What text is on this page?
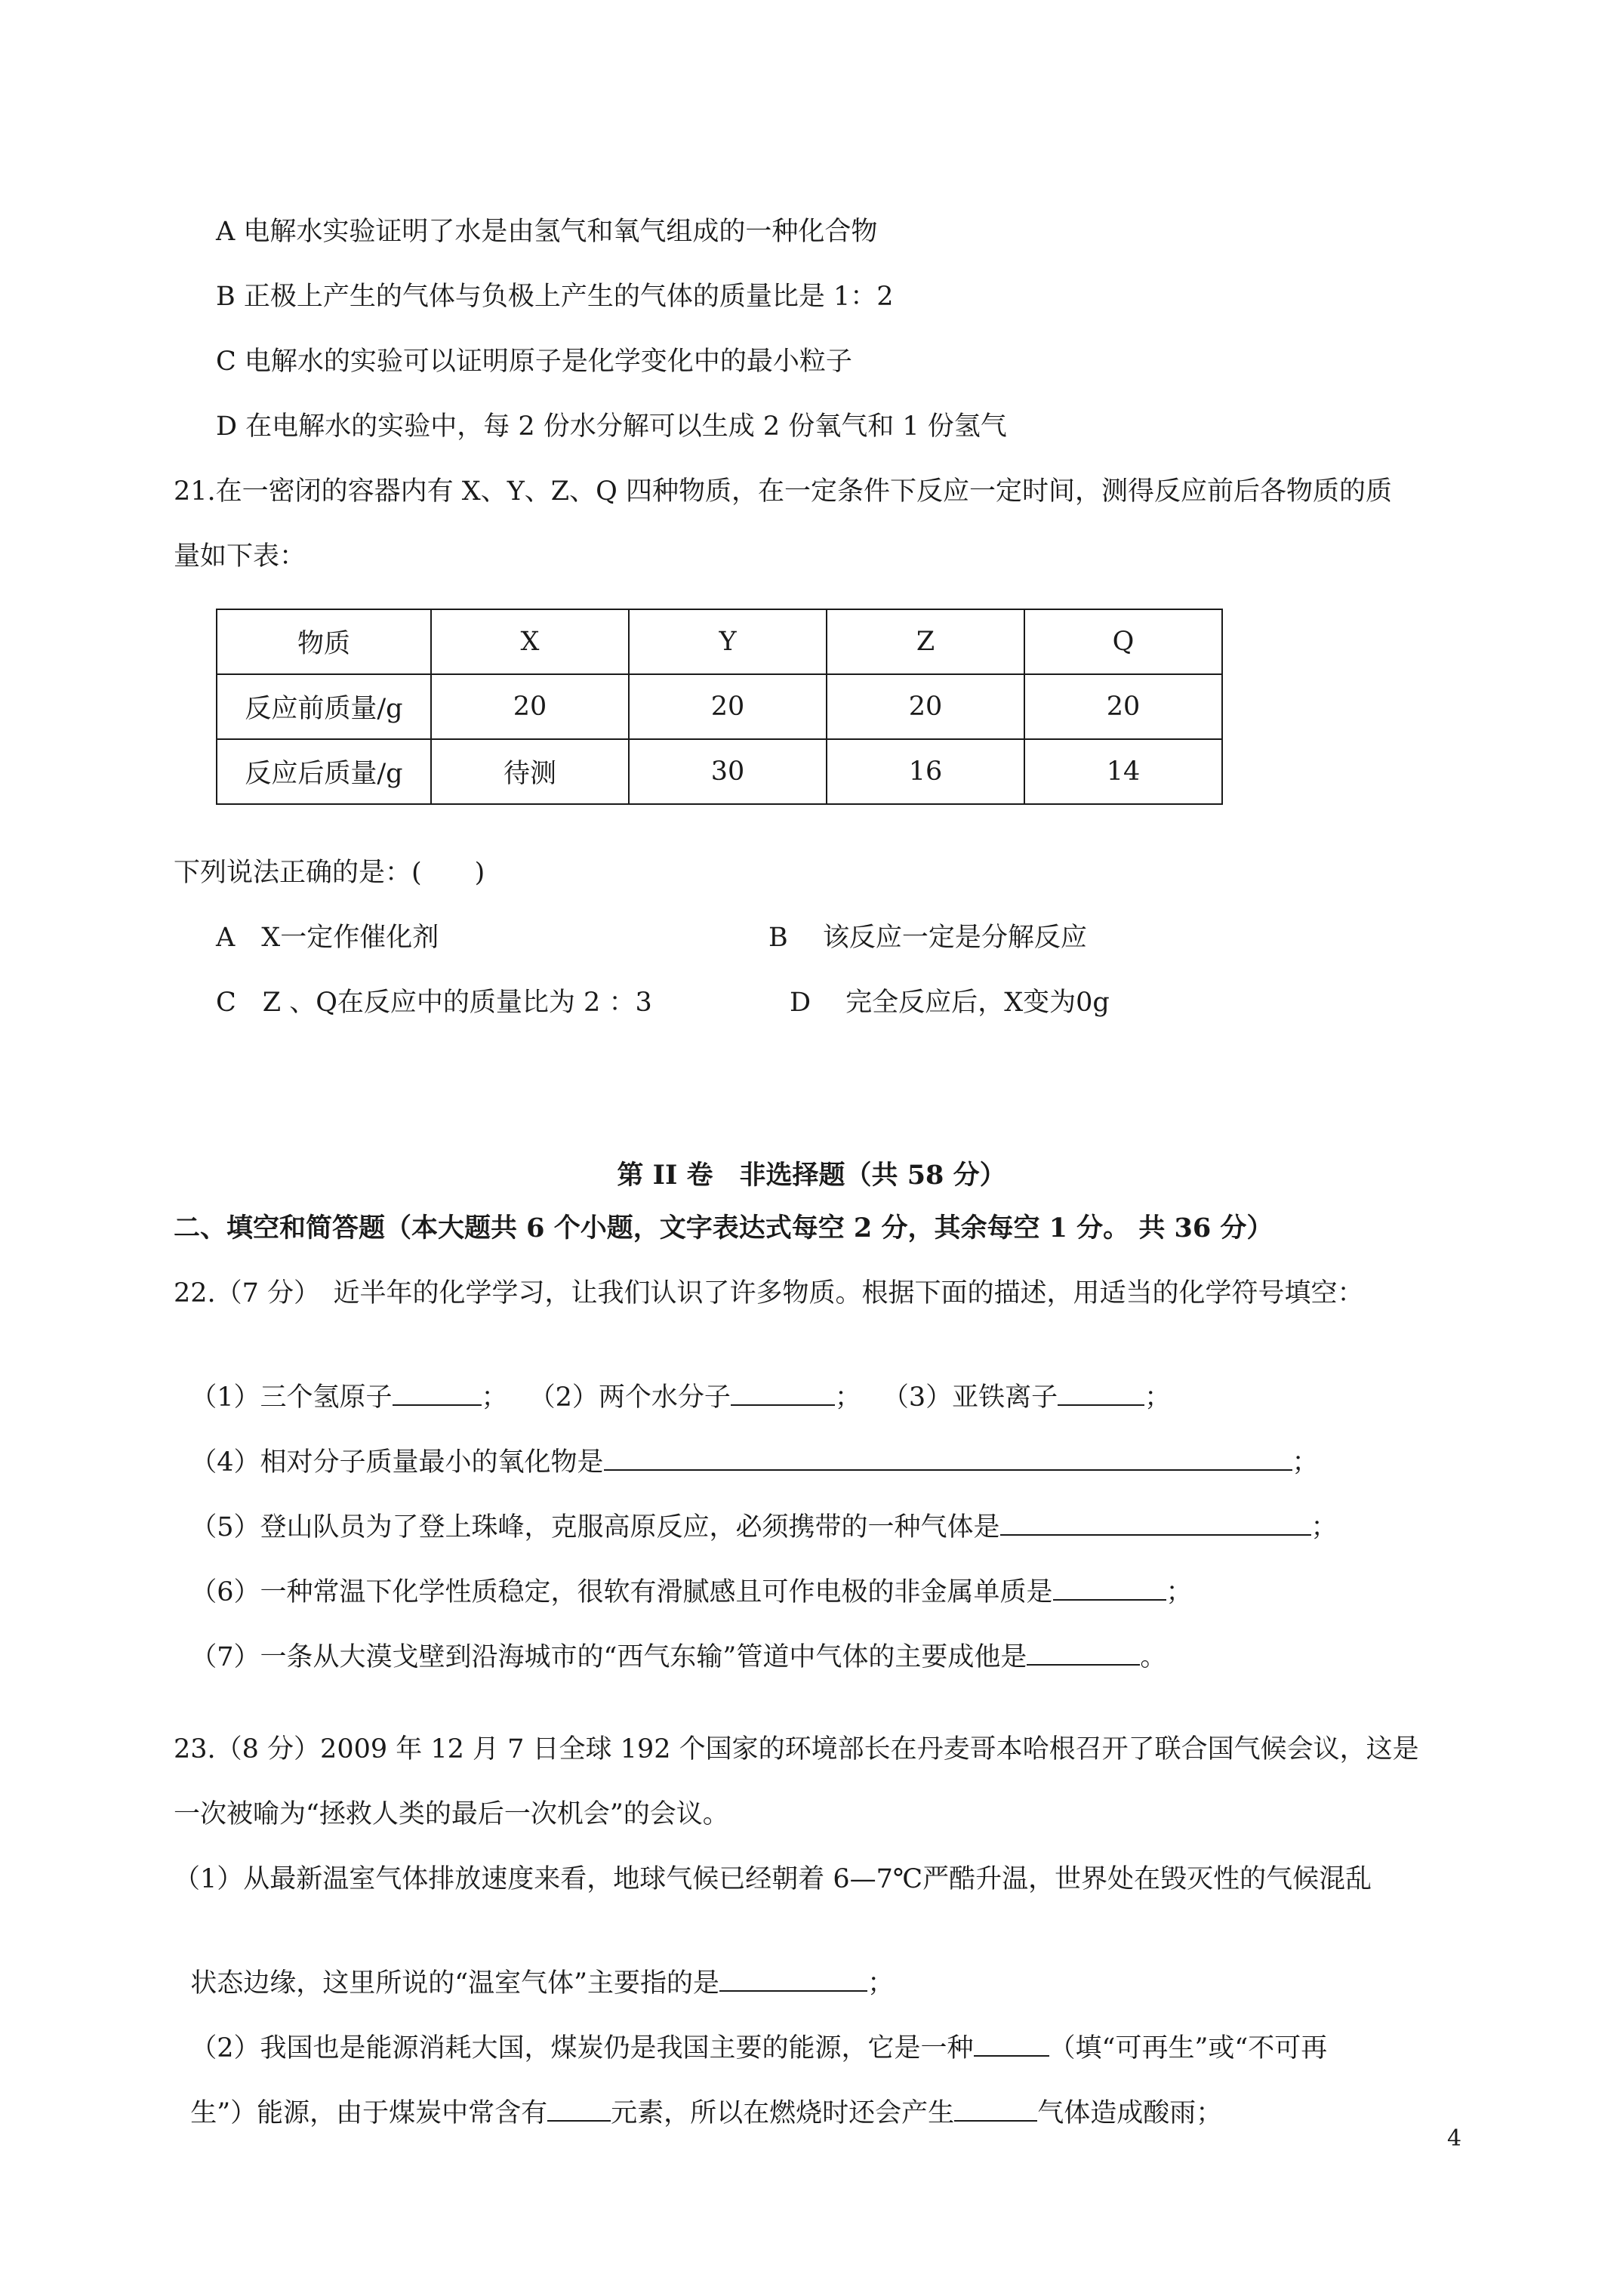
A 电解水实验证明了水是由氢气和氧气组成的一种化合物
B 正极上产生的气体与负极上产生的气体的质量比是 1：2
C 电解水的实验可以证明原子是化学变化中的最小粒子
D 在电解水的实验中，每 2 份水分解可以生成 2 份氧气和 1 份氢气
21.在一密闭的容器内有 X、Y、Z、Q 四种物质，在一定条件下反应一定时间，测得反应前后各物质的质
量如下表：
物质	X	Y	Z	Q
反应前质量/g	20	20	20	20
反应后质量/g	待测	30	16	14
下列说法正确的是：(　　)
A　X一定作催化剂	B　 该反应一定是分解反应
C　Z 、Q在反应中的质量比为 2 ：3	D　 完全反应后，X变为0g
第 II 卷　非选择题（共 58 分）
二、填空和简答题（本大题共 6 个小题，文字表达式每空 2 分，其余每空 1 分。 共 36 分）
22.（7 分）　近半年的化学学习，让我们认识了许多物质。根据下面的描述，用适当的化学符号填空：

（1）三个氢原子	； （2）两个水分子	； （3）亚铁离子	；

（4）相对分子质量最小的氧化物是	；

（5）登山队员为了登上珠峰，克服高原反应，必须携带的一种气体是	；

（6）一种常温下化学性质稳定，很软有滑腻感且可作电极的非金属单质是	；

（7）一条从大漠戈壁到沿海城市的“西气东输”管道中气体的主要成他是	。

23.（8 分）2009 年 12 月 7 日全球 192 个国家的环境部长在丹麦哥本哈根召开了联合国气候会议，这是
一次被喻为“拯救人类的最后一次机会”的会议。
（1）从最新温室气体排放速度来看，地球气候已经朝着 6—7℃严酷升温，世界处在毁灭性的气候混乱

状态边缘，这里所说的“温室气体”主要指的是	；

（2）我国也是能源消耗大国，煤炭仍是我国主要的能源，它是一种	（填“可再生”或“不可再

生”）能源，由于煤炭中常含有 元素，所以在燃烧时还会产生	气体造成酸雨；

4
